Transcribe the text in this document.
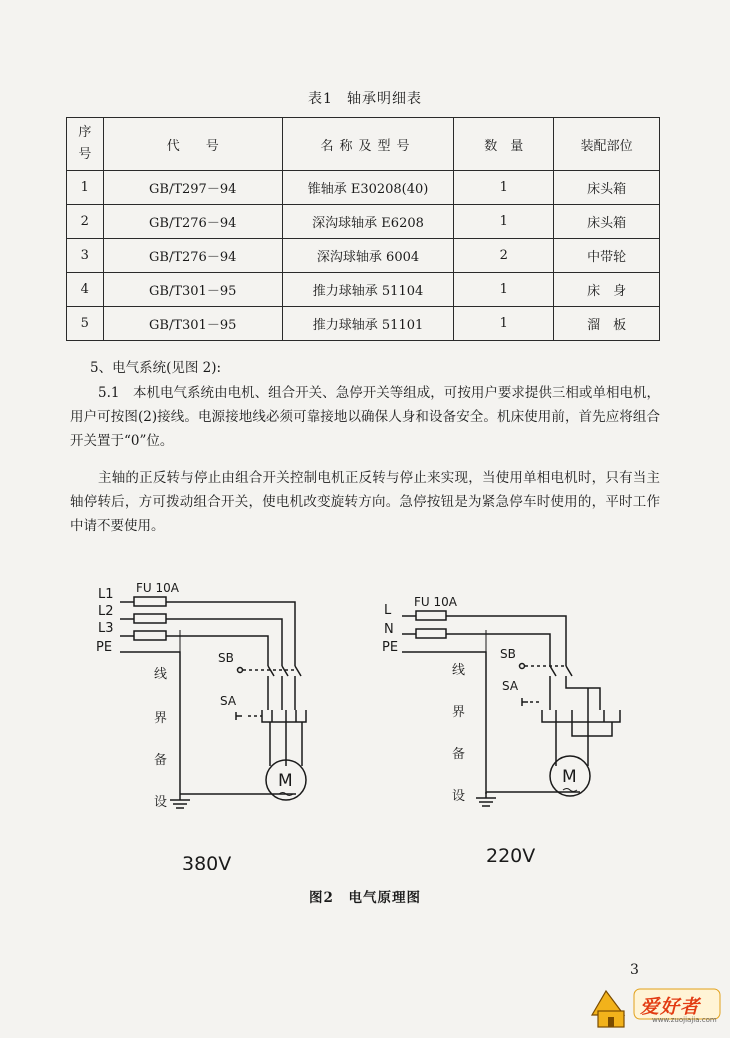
表1 轴承明细表
序
号	代　　号	名称及型号	数　量	装配部位
1	GB/T297－94	锥轴承 E30208(40)	1	床头箱
2	GB/T276－94	深沟球轴承 E6208	1	床头箱
3	GB/T276－94	深沟球轴承 6004	2	中带轮
4	GB/T301－95	推力球轴承 51104	1	床　身
5	GB/T301－95	推力球轴承 51101	1	溜　板
5、电气系统(见图 2):
5.1　本机电气系统由电机、组合开关、急停开关等组成，可按用户要求提供三相或单相电机，用户可按图(2)接线。电源接地线必须可靠接地以确保人身和设备安全。机床使用前，首先应将组合开关置于“0”位。
主轴的正反转与停止由组合开关控制电机正反转与停止来实现，当使用单相电机时，只有当主轴停转后，方可拨动组合开关，使电机改变旋转方向。急停按钮是为紧急停车时使用的，平时工作中请不要使用。
L1
L2
L3
PE
FU 10A
SB
SA
M
线
界
备
设
380V
L
N
PE
FU 10A
SB
SA
M
线
界
备
设
220V
图2　电气原理图
3
爱好者
www.zuojiajia.com
